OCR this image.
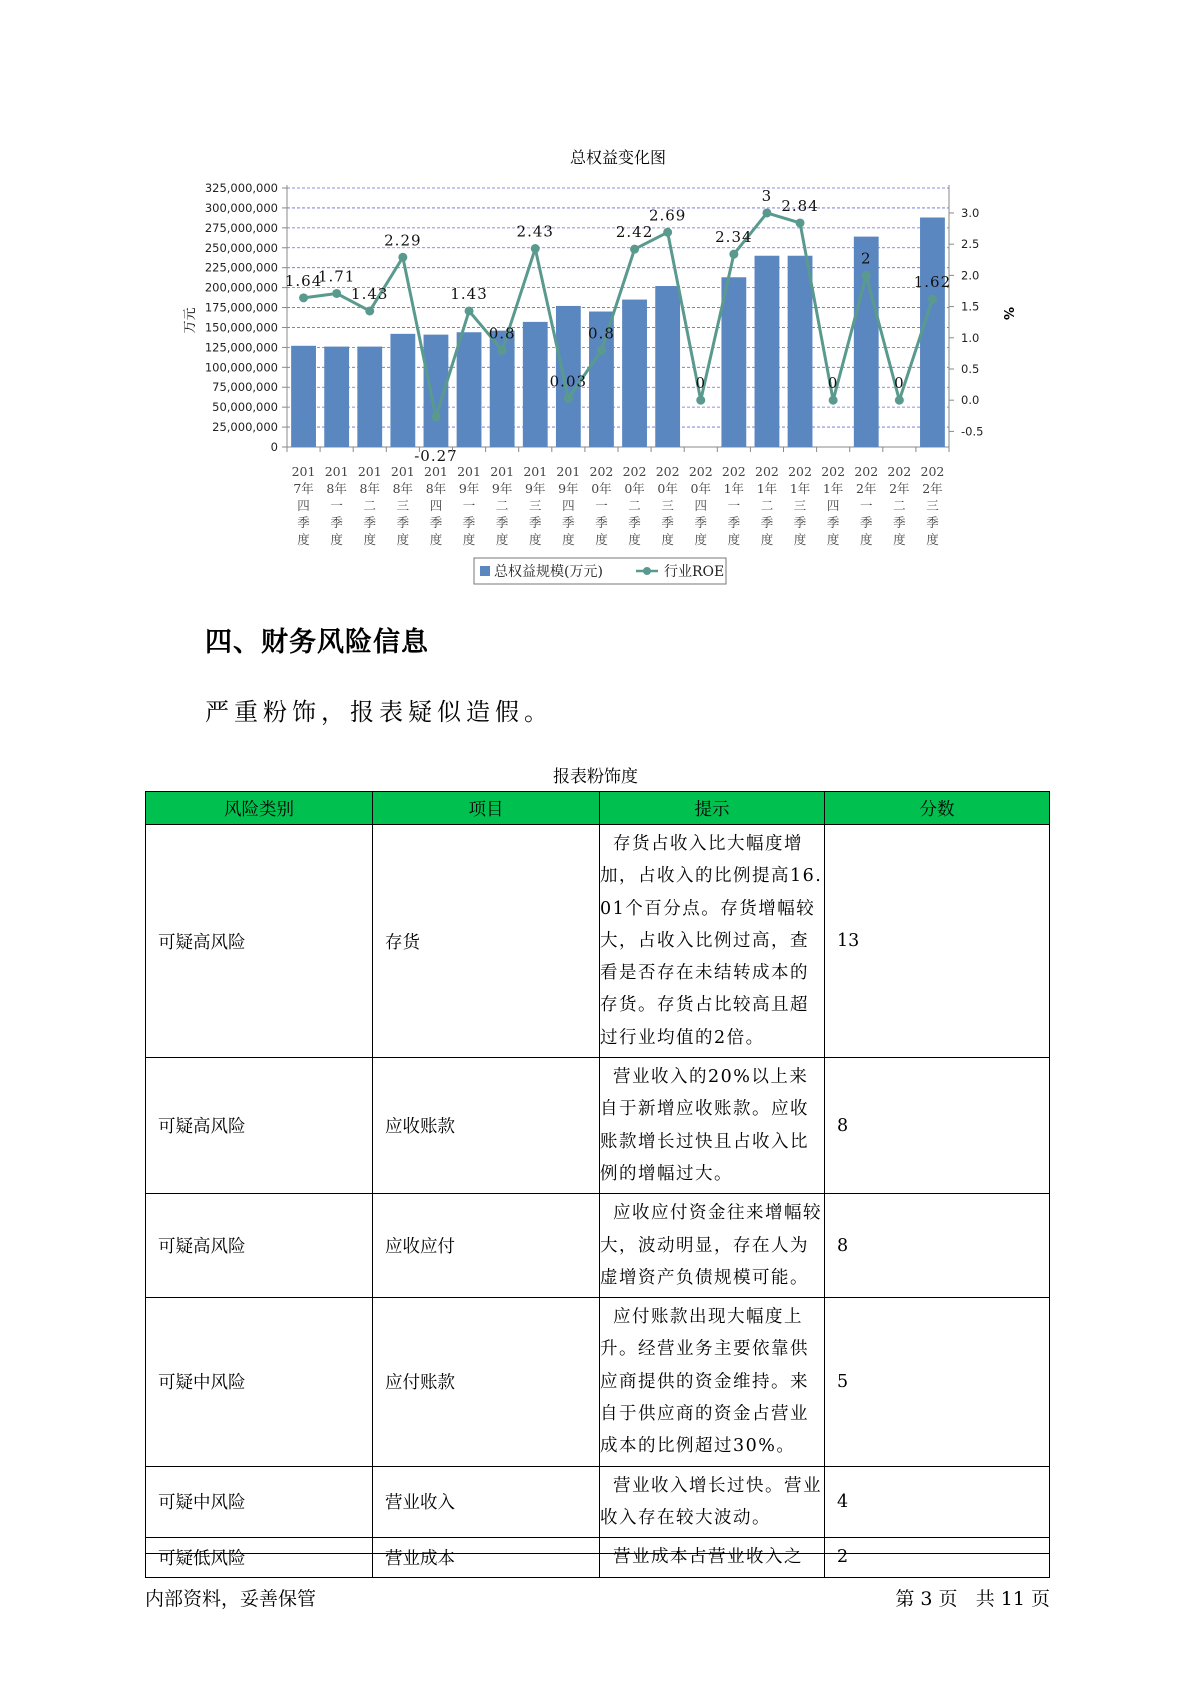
总权益变化图
325,000,000
300,000,000
275,000,000
250,000,000
225,000,000
200,000,000
175,000,000
150,000,000
125,000,000
100,000,000
75,000,000
50,000,000
25,000,000
0
3.0
2.5
2.0
1.5
1.0
0.5
0.0
-0.5
万元	%
1.64
1.71
1.43
2.29
-0.27
1.43
0.8
2.43
0.03
0.8
2.42
2.69
0
2.34
3
2.84
0
2
0
1.62
201
7年
四
季
度
201
8年
一
季
度
201
8年
二
季
度
201
8年
三
季
度
201
8年
四
季
度
201
9年
一
季
度
201
9年
二
季
度
201
9年
三
季
度
201
9年
四
季
度
202
0年
一
季
度
202
0年
二
季
度
202
0年
三
季
度
202
0年
四
季
度
202
1年
一
季
度
202
1年
二
季
度
202
1年
三
季
度
202
1年
四
季
度
202
2年
一
季
度
202
2年
二
季
度
202
2年
三
季
度
总权益规模(万元)	行业ROE
四、财务风险信息
严重粉饰，报表疑似造假。
报表粉饰度
风险类别	项目	提示	分数
可疑高风险	存货	存货占收入比大幅度增加，占收入的比例提高16.01个百分点。存货增幅较大，占收入比例过高，查看是否存在未结转成本的存货。存货占比较高且超过行业均值的2倍。	13
可疑高风险	应收账款	营业收入的20%以上来自于新增应收账款。应收账款增长过快且占收入比例的增幅过大。	8
可疑高风险	应收应付	应收应付资金往来增幅较大，波动明显，存在人为虚增资产负债规模可能。	8
可疑中风险	应付账款	应付账款出现大幅度上升。经营业务主要依靠供应商提供的资金维持。来自于供应商的资金占营业成本的比例超过30%。	5
可疑中风险	营业收入	营业收入增长过快。营业收入存在较大波动。	4
可疑低风险	营业成本	营业成本占营业收入之	2
内部资料，妥善保管	第 3 页 共 11 页
